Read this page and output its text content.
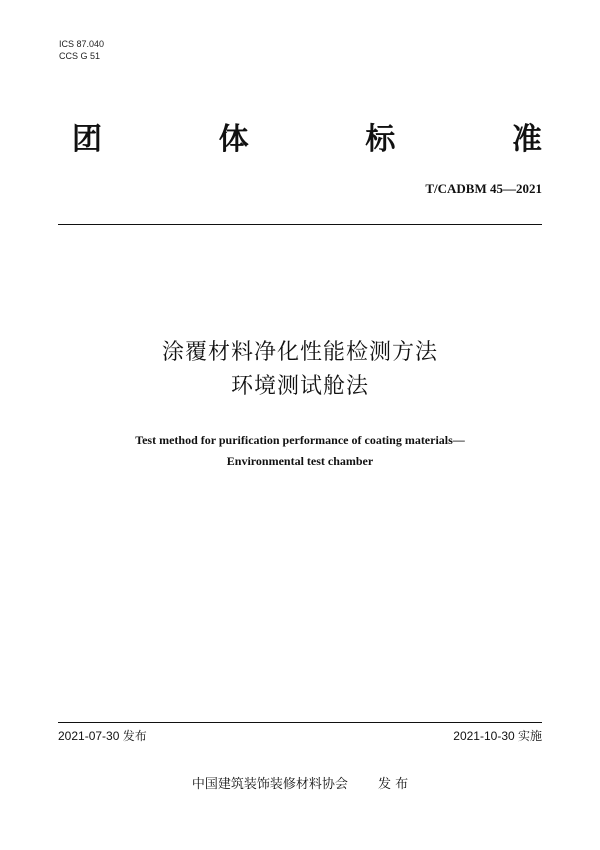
ICS 87.040
CCS G 51
团	体	标	准
T/CADBM 45—2021
涂覆材料净化性能检测方法
环境测试舱法
Test method for purification performance of coating materials—
Environmental test chamber
2021-07-30 发布	2021-10-30 实施
中国建筑装饰装修材料协会 发 布
